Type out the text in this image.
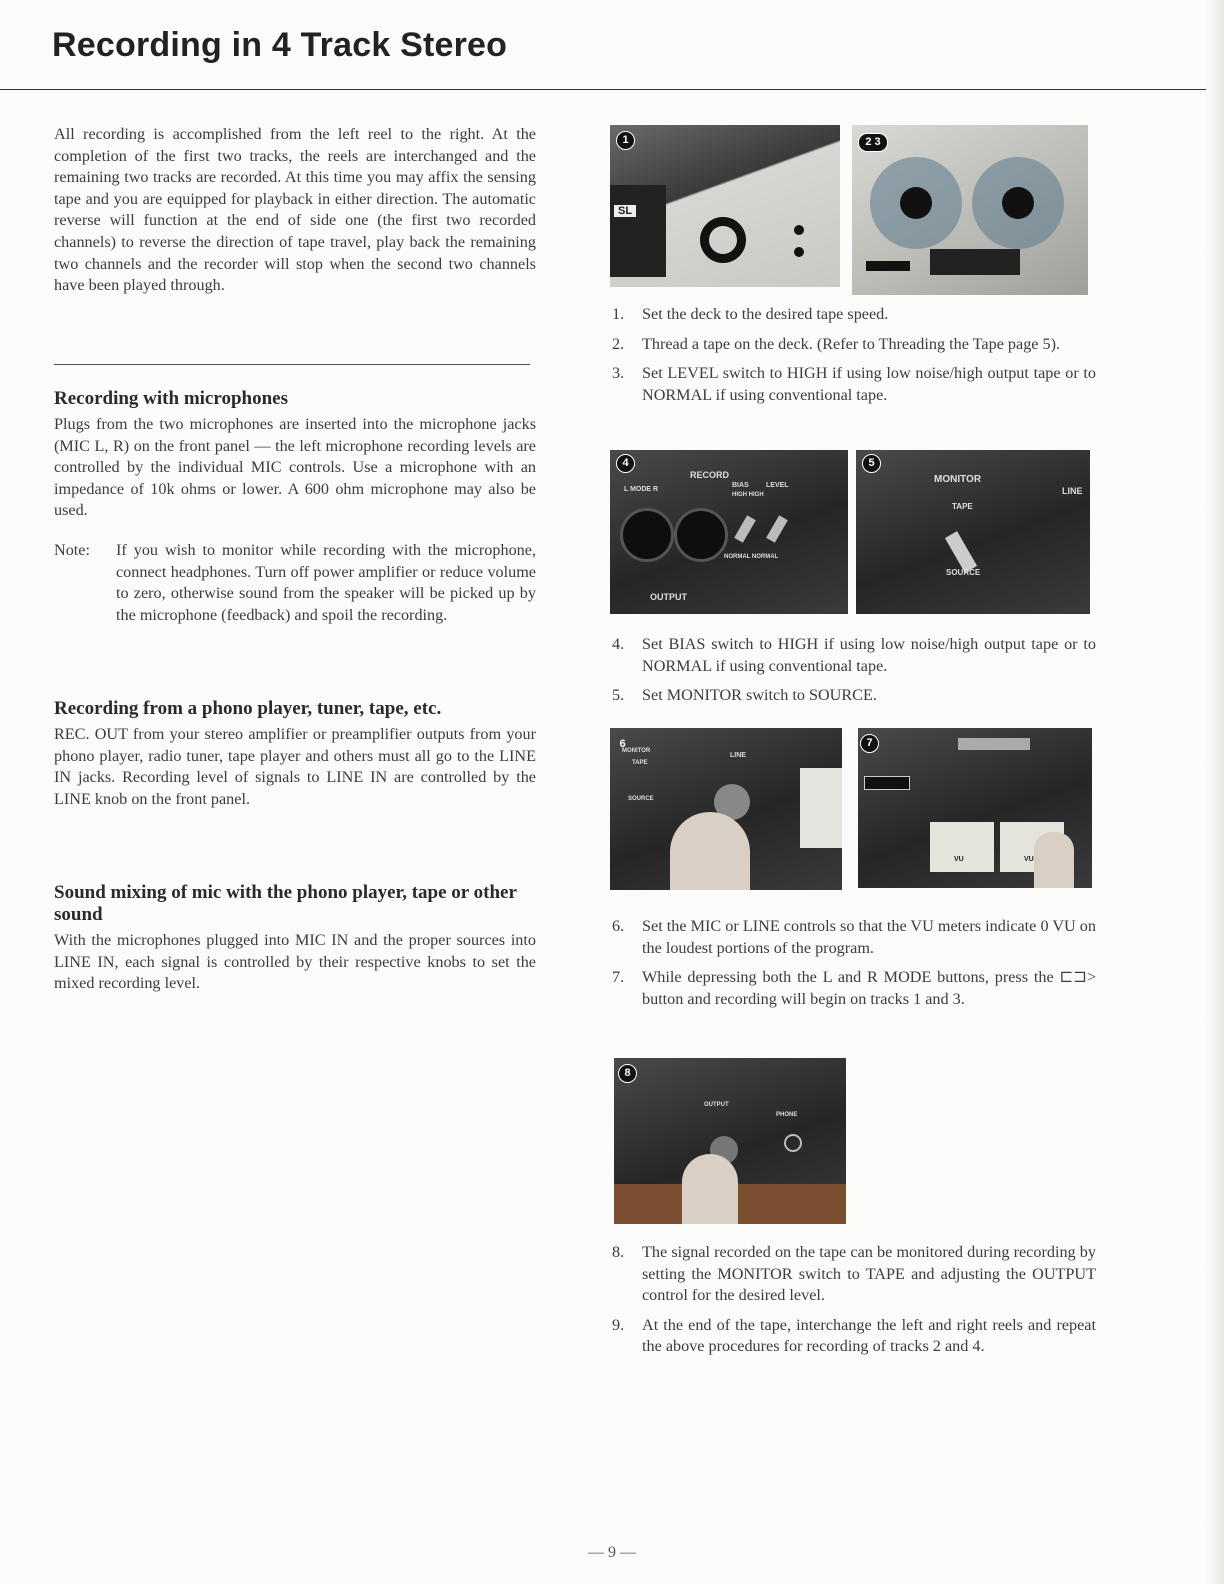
Recording in 4 Track Stereo
All recording is accomplished from the left reel to the right. At the completion of the first two tracks, the reels are interchanged and the remaining two tracks are recorded. At this time you may affix the sensing tape and you are equipped for playback in either direction. The automatic reverse will function at the end of side one (the first two recorded channels) to reverse the direction of tape travel, play back the remaining two channels and the recorder will stop when the second two channels have been played through.
Recording with microphones
Plugs from the two microphones are inserted into the microphone jacks (MIC L, R) on the front panel — the left microphone recording levels are controlled by the individual MIC controls. Use a microphone with an impedance of 10k ohms or lower. A 600 ohm microphone may also be used.
Note:	If you wish to monitor while recording with the microphone, connect headphones. Turn off power amplifier or reduce volume to zero, otherwise sound from the speaker will be picked up by the microphone (feedback) and spoil the recording.
Recording from a phono player, tuner, tape, etc.
REC. OUT from your stereo amplifier or preamplifier outputs from your phono player, radio tuner, tape player and others must all go to the LINE IN jacks. Recording level of signals to LINE IN are controlled by the LINE knob on the front panel.
Sound mixing of mic with the phono player, tape or other sound
With the microphones plugged into MIC IN and the proper sources into LINE IN, each signal is controlled by their respective knobs to set the mixed recording level.
1
SL
2 3
1.	Set the deck to the desired tape speed.
2.	Thread a tape on the deck. (Refer to Threading the Tape page 5).
3.	Set LEVEL switch to HIGH if using low noise/high output tape or to NORMAL if using conventional tape.
4
RECORD
L MODE R
BIAS LEVEL
HIGH HIGH
NORMAL NORMAL
OUTPUT
5
MONITOR
TAPE
LINE
SOURCE
4.	Set BIAS switch to HIGH if using low noise/high output tape or to NORMAL if using conventional tape.
5.	Set MONITOR switch to SOURCE.
6
MONITOR
TAPE
SOURCE
LINE
7
VU	VU
6.	Set the MIC or LINE controls so that the VU meters indicate 0 VU on the loudest portions of the program.
7.	While depressing both the L and R MODE buttons, press the ⊏⊐> button and recording will begin on tracks 1 and 3.
8
OUTPUT
PHONE
8.	The signal recorded on the tape can be monitored during recording by setting the MONITOR switch to TAPE and adjusting the OUTPUT control for the desired level.
9.	At the end of the tape, interchange the left and right reels and repeat the above procedures for recording of tracks 2 and 4.
— 9 —
